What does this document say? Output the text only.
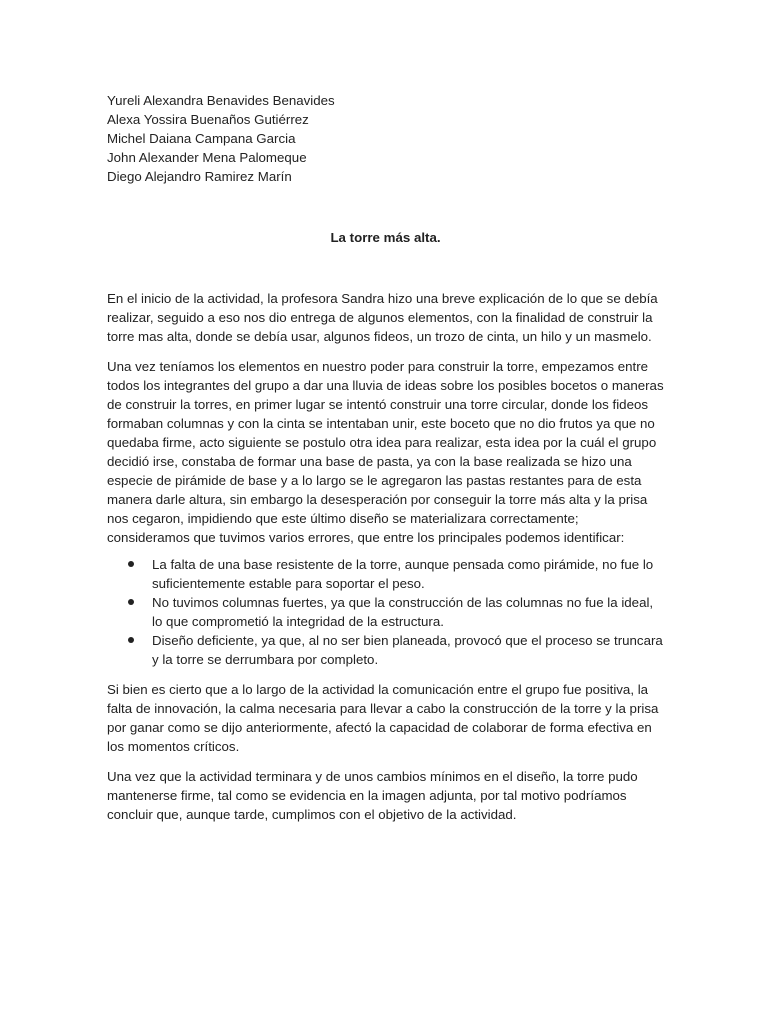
Yureli Alexandra Benavides Benavides
Alexa Yossira Buenaños Gutiérrez
Michel Daiana Campana Garcia
John Alexander Mena Palomeque
Diego Alejandro Ramirez Marín
La torre más alta.

En el inicio de la actividad, la profesora Sandra hizo una breve explicación de lo que se debía realizar, seguido a eso nos dio entrega de algunos elementos, con la finalidad de construir la torre mas alta, donde se debía usar, algunos fideos, un trozo de cinta, un hilo y un masmelo.

Una vez teníamos los elementos en nuestro poder para construir la torre, empezamos entre todos los integrantes del grupo a dar una lluvia de ideas sobre los posibles bocetos o maneras de construir la torres, en primer lugar se intentó construir una torre circular, donde los fideos formaban columnas y con la cinta se intentaban unir, este boceto que no dio frutos ya que no quedaba firme, acto siguiente se postulo otra idea para realizar, esta idea por la cuál el grupo decidió irse, constaba de formar una base de pasta, ya con la base realizada se hizo una especie de pirámide de base y a lo largo se le agregaron las pastas restantes para de esta manera darle altura, sin embargo la desesperación por conseguir la torre más alta y la prisa nos cegaron, impidiendo que este último diseño se materializara correctamente; consideramos que tuvimos varios errores, que entre los principales podemos identificar:

La falta de una base resistente de la torre, aunque pensada como pirámide, no fue lo suficientemente estable para soportar el peso.
No tuvimos columnas fuertes, ya que la construcción de las columnas no fue la ideal, lo que comprometió la integridad de la estructura.
Diseño deficiente, ya que, al no ser bien planeada, provocó que el proceso se truncara y la torre se derrumbara por completo.

Si bien es cierto que a lo largo de la actividad la comunicación entre el grupo fue positiva, la falta de innovación, la calma necesaria para llevar a cabo la construcción de la torre y la prisa por ganar como se dijo anteriormente, afectó la capacidad de colaborar de forma efectiva en los momentos críticos.

Una vez que la actividad terminara y de unos cambios mínimos en el diseño, la torre pudo mantenerse firme, tal como se evidencia en la imagen adjunta, por tal motivo podríamos concluir que, aunque tarde, cumplimos con el objetivo de la actividad.
